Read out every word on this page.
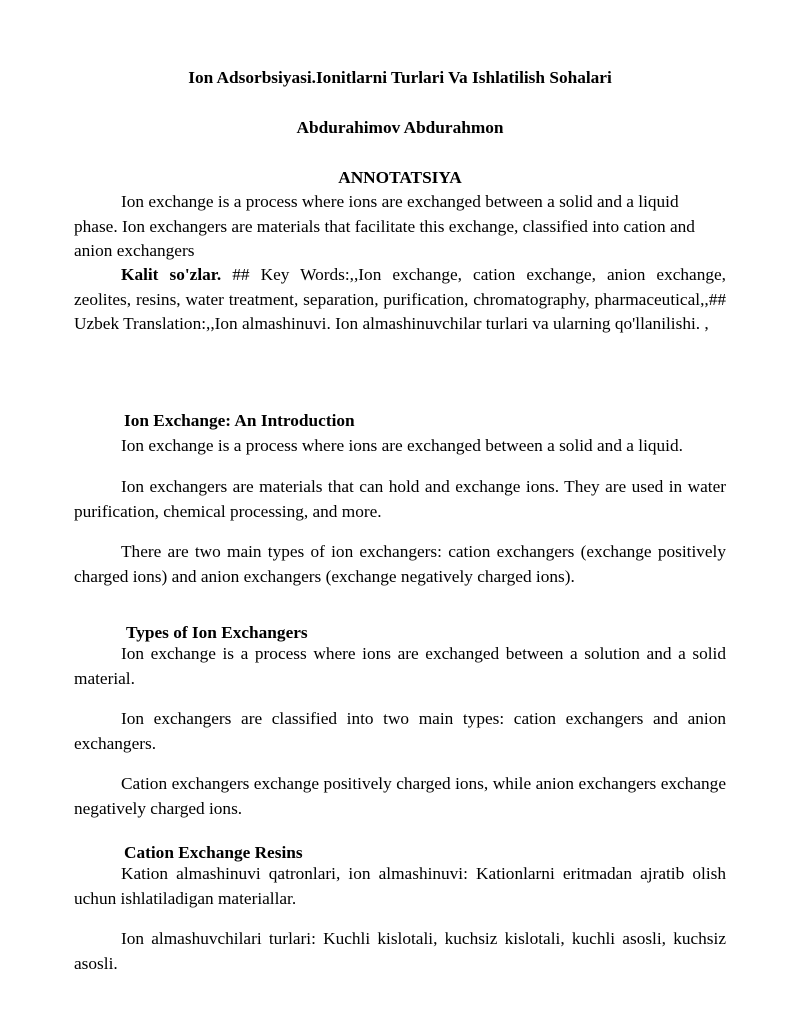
Ion Adsorbsiyasi.Ionitlarni Turlari Va Ishlatilish Sohalari
Abdurahimov Abdurahmon
ANNOTATSIYA
Ion exchange is a process where ions are exchanged between a solid and a liquid phase. Ion exchangers are materials that facilitate this exchange, classified into cation and anion exchangers
Kalit so'zlar. ## Key Words:,,Ion exchange, cation exchange, anion exchange, zeolites, resins, water treatment, separation, purification, chromatography, pharmaceutical,,## Uzbek Translation:,,Ion almashinuvi. Ion almashinuvchilar turlari va ularning qo'llanilishi. ,
Ion Exchange: An Introduction
Ion exchange is a process where ions are exchanged between a solid and a liquid.
Ion exchangers are materials that can hold and exchange ions. They are used in water purification, chemical processing, and more.
There are two main types of ion exchangers: cation exchangers (exchange positively charged ions) and anion exchangers (exchange negatively charged ions).
Types of Ion Exchangers
Ion exchange is a process where ions are exchanged between a solution and a solid material.
Ion exchangers are classified into two main types: cation exchangers and anion exchangers.
Cation exchangers exchange positively charged ions, while anion exchangers exchange negatively charged ions.
Cation Exchange Resins
Kation almashinuvi qatronlari, ion almashinuvi: Kationlarni eritmadan ajratib olish uchun ishlatiladigan materiallar.
Ion almashuvchilari turlari: Kuchli kislotali, kuchsiz kislotali, kuchli asosli, kuchsiz asosli.
